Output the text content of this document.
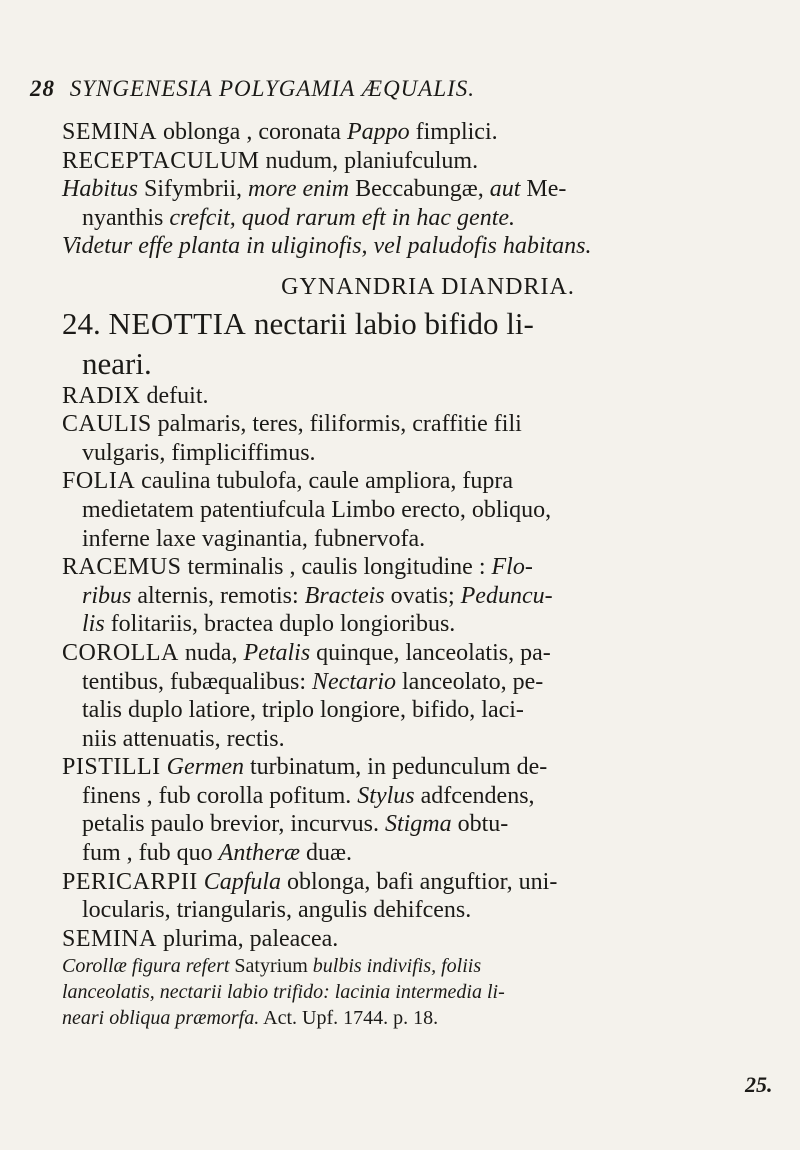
28 SYNGENESIA POLYGAMIA ÆQUALIS.

SEMINA oblonga , coronata Pappo fimplici.

RECEPTACULUM nudum, planiufculum.

Habitus Sifymbrii, more enim Beccabungæ, aut Me-

nyanthis crefcit, quod rarum eft in hac gente.

Videtur effe planta in uliginofis, vel paludofis habitans.

GYNANDRIA DIANDRIA.

24. NEOTTIA nectarii labio bifido li-

neari.

RADIX defuit.

CAULIS palmaris, teres, filiformis, craffitie fili

vulgaris, fimpliciffimus.

FOLIA caulina tubulofa, caule ampliora, fupra

medietatem patentiufcula Limbo erecto, obliquo,

inferne laxe vaginantia, fubnervofa.

RACEMUS terminalis , caulis longitudine : Flo-

ribus alternis, remotis: Bracteis ovatis; Peduncu-

lis folitariis, bractea duplo longioribus.

COROLLA nuda, Petalis quinque, lanceolatis, pa-

tentibus, fubæqualibus: Nectario lanceolato, pe-

talis duplo latiore, triplo longiore, bifido, laci-

niis attenuatis, rectis.

PISTILLI Germen turbinatum, in pedunculum de-

finens , fub corolla pofitum. Stylus adfcendens,

petalis paulo brevior, incurvus. Stigma obtu-

fum , fub quo Antheræ duæ.

PERICARPII Capfula oblonga, bafi anguftior, uni-

locularis, triangularis, angulis dehifcens.

SEMINA plurima, paleacea.

Corollæ figura refert Satyrium bulbis indivifis, foliis

lanceolatis, nectarii labio trifido: lacinia intermedia li-

neari obliqua præmorfa. Act. Upf. 1744. p. 18.

25.
